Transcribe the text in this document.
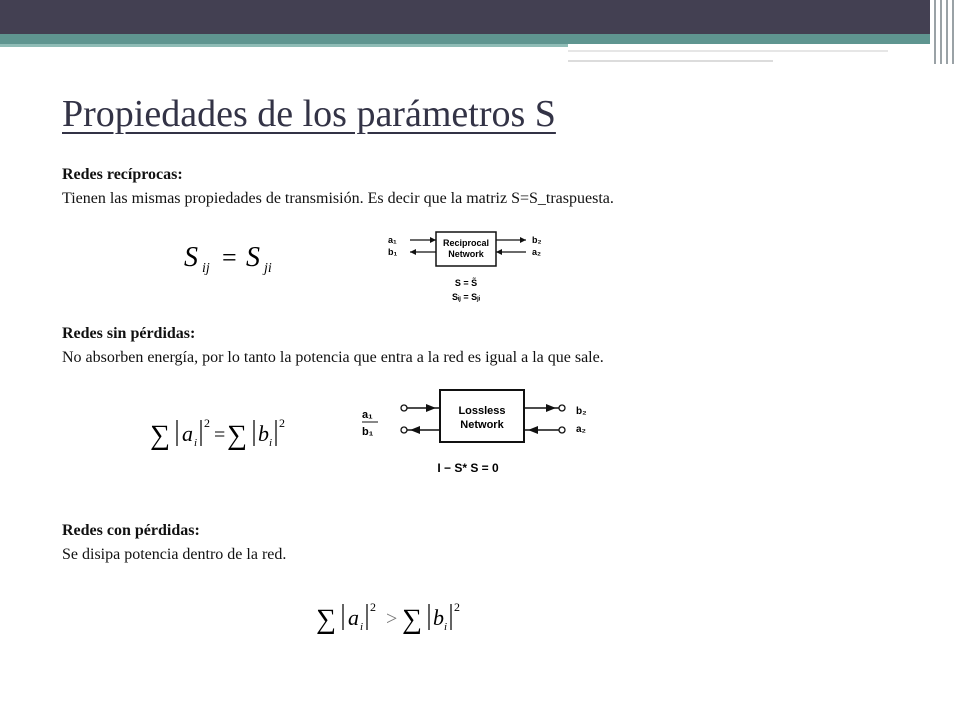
Propiedades de los parámetros S
Redes recíprocas:
Tienen las mismas propiedades de transmisión. Es decir que la matriz S=S_traspuesta.
S ij = S ji
Reciprocal
Network
a₁
b₁
b₂
a₂
S = S̃
Sᵢⱼ = Sⱼᵢ
Redes sin pérdidas:
No absorben energía, por lo tanto la potencia que entra a la red es igual a la que sale.
∑ a i
2
= ∑ b i
2
Lossless
Network
a₁
b₁
b₂
a₂
I − S* S = 0
Redes con pérdidas:
Se disipa potencia dentro de la red.
∑ a i
2
> ∑ b i
2
